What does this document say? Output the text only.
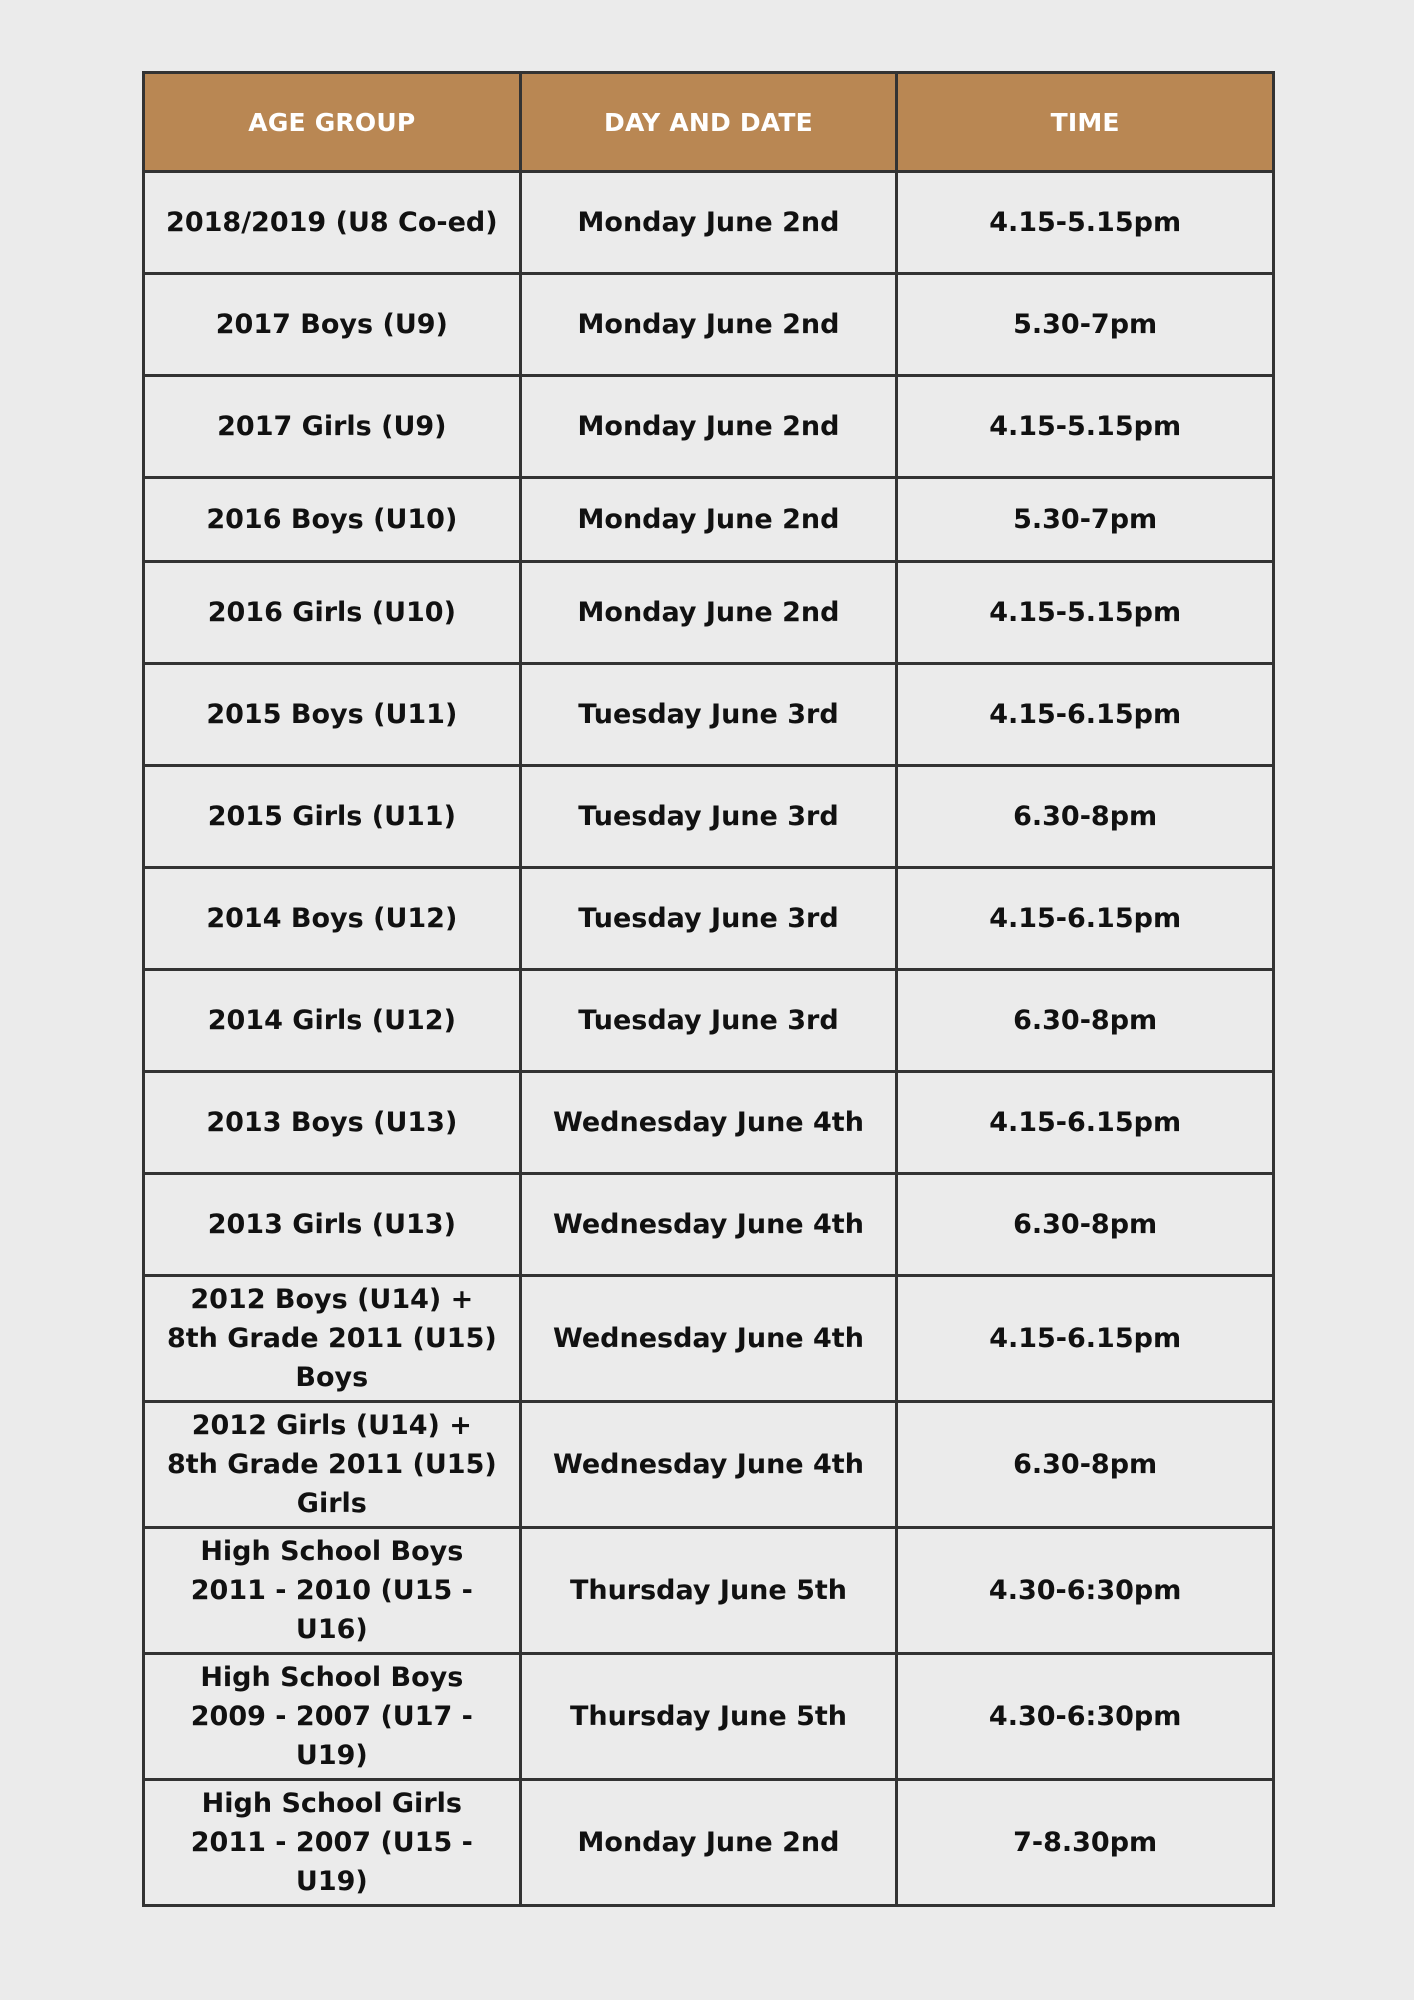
AGE GROUP	DAY AND DATE	TIME
2018/2019 (U8 Co-ed)	Monday June 2nd	4.15-5.15pm
2017 Boys (U9)	Monday June 2nd	5.30-7pm
2017 Girls (U9)	Monday June 2nd	4.15-5.15pm
2016 Boys (U10)	Monday June 2nd	5.30-7pm
2016 Girls (U10)	Monday June 2nd	4.15-5.15pm
2015 Boys (U11)	Tuesday June 3rd	4.15-6.15pm
2015 Girls (U11)	Tuesday June 3rd	6.30-8pm
2014 Boys (U12)	Tuesday June 3rd	4.15-6.15pm
2014 Girls (U12)	Tuesday June 3rd	6.30-8pm
2013 Boys (U13)	Wednesday June 4th	4.15-6.15pm
2013 Girls (U13)	Wednesday June 4th	6.30-8pm
2012 Boys (U14) + 8th Grade 2011 (U15) Boys	Wednesday June 4th	4.15-6.15pm
2012 Girls (U14) + 8th Grade 2011 (U15) Girls	Wednesday June 4th	6.30-8pm
High School Boys 2011 - 2010 (U15 - U16)	Thursday June 5th	4.30-6:30pm
High School Boys 2009 - 2007 (U17 - U19)	Thursday June 5th	4.30-6:30pm
High School Girls 2011 - 2007 (U15 - U19)	Monday June 2nd	7-8.30pm
